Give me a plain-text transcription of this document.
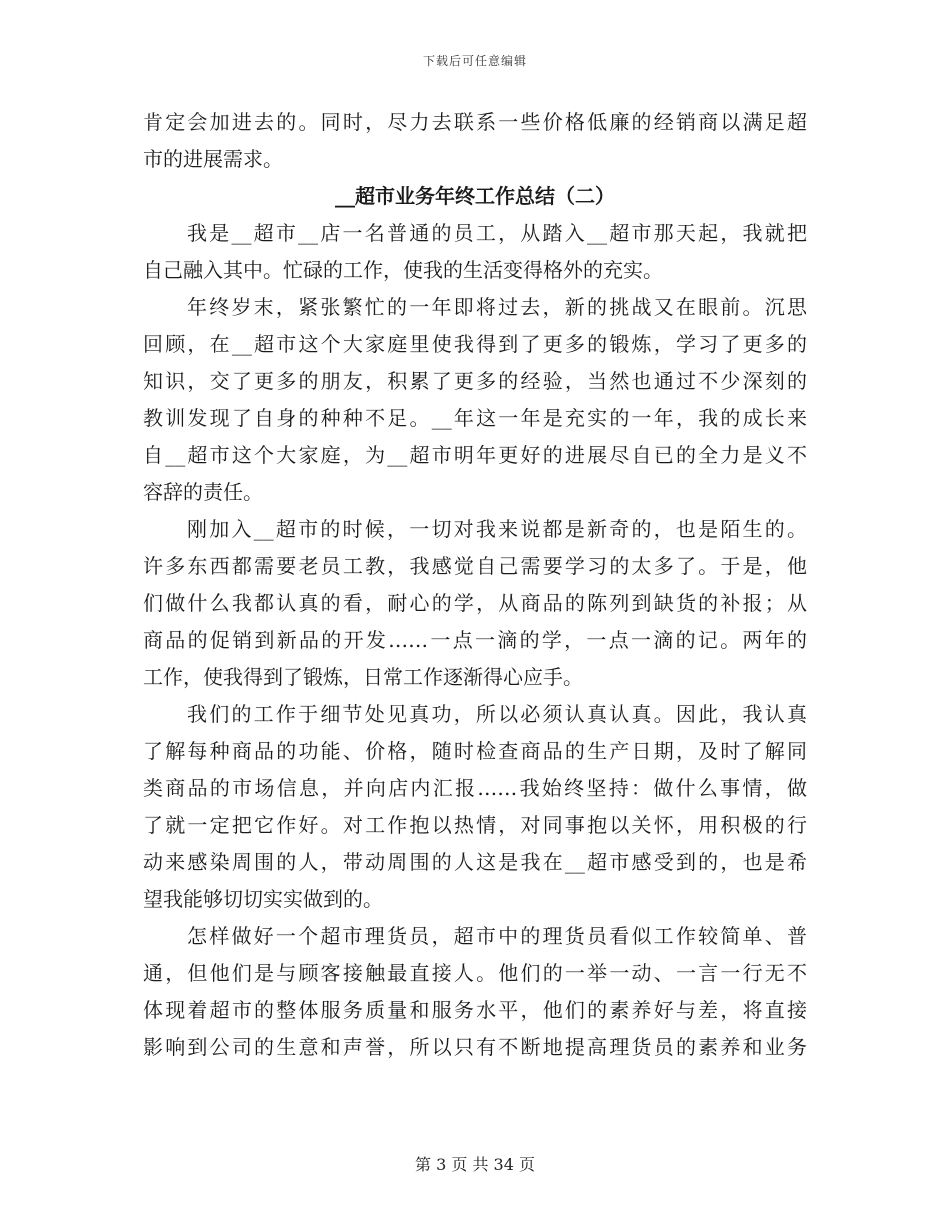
下载后可任意编辑
肯定会加进去的。同时，尽力去联系一些价格低廉的经销商以满足超
市的进展需求。
__超市业务年终工作总结（二）
我是__超市__店一名普通的员工，从踏入__超市那天起，我就把
自己融入其中。忙碌的工作，使我的生活变得格外的充实。
年终岁末，紧张繁忙的一年即将过去，新的挑战又在眼前。沉思
回顾，在__超市这个大家庭里使我得到了更多的锻炼，学习了更多的
知识，交了更多的朋友，积累了更多的经验，当然也通过不少深刻的
教训发现了自身的种种不足。__年这一年是充实的一年，我的成长来
自__超市这个大家庭，为__超市明年更好的进展尽自已的全力是义不
容辞的责任。
刚加入__超市的时候，一切对我来说都是新奇的，也是陌生的。
许多东西都需要老员工教，我感觉自己需要学习的太多了。于是，他
们做什么我都认真的看，耐心的学，从商品的陈列到缺货的补报；从
商品的促销到新品的开发……一点一滴的学，一点一滴的记。两年的
工作，使我得到了锻炼，日常工作逐渐得心应手。
我们的工作于细节处见真功，所以必须认真认真。因此，我认真
了解每种商品的功能、价格，随时检查商品的生产日期，及时了解同
类商品的市场信息，并向店内汇报……我始终坚持：做什么事情，做
了就一定把它作好。对工作抱以热情，对同事抱以关怀，用积极的行
动来感染周围的人，带动周围的人这是我在__超市感受到的，也是希
望我能够切切实实做到的。
怎样做好一个超市理货员，超市中的理货员看似工作较简单、普
通，但他们是与顾客接触最直接人。他们的一举一动、一言一行无不
体现着超市的整体服务质量和服务水平，他们的素养好与差，将直接
影响到公司的生意和声誉，所以只有不断地提高理货员的素养和业务
第 3 页 共 34 页
